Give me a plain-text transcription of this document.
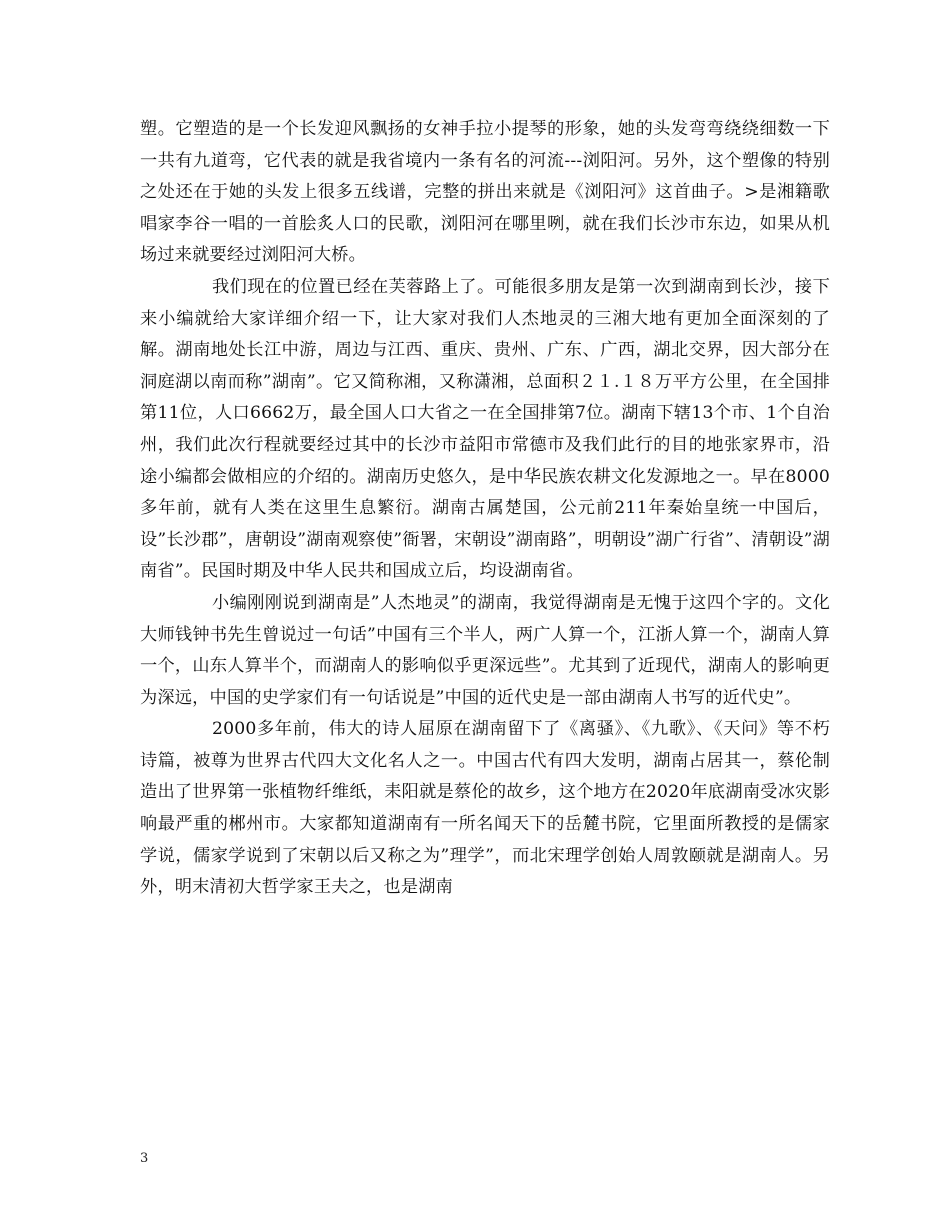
塑。它塑造的是一个长发迎风飘扬的女神手拉小提琴的形象，她的头发弯弯绕绕细数一下一共有九道弯，它代表的就是我省境内一条有名的河流---浏阳河。另外，这个塑像的特别之处还在于她的头发上很多五线谱，完整的拼出来就是《浏阳河》这首曲子。>是湘籍歌唱家李谷一唱的一首脍炙人口的民歌，浏阳河在哪里咧，就在我们长沙市东边，如果从机场过来就要经过浏阳河大桥。

我们现在的位置已经在芙蓉路上了。可能很多朋友是第一次到湖南到长沙，接下来小编就给大家详细介绍一下，让大家对我们人杰地灵的三湘大地有更加全面深刻的了解。湖南地处长江中游，周边与江西、重庆、贵州、广东、广西，湖北交界，因大部分在洞庭湖以南而称”湖南”。它又简称湘，又称潇湘，总面积２１.１８万平方公里，在全国排第11位，人口6662万，最全国人口大省之一在全国排第7位。湖南下辖13个市、1个自治州，我们此次行程就要经过其中的长沙市益阳市常德市及我们此行的目的地张家界市，沿途小编都会做相应的介绍的。湖南历史悠久，是中华民族农耕文化发源地之一。早在8000多年前，就有人类在这里生息繁衍。湖南古属楚国，公元前211年秦始皇统一中国后，设”长沙郡”，唐朝设”湖南观察使”衙署，宋朝设”湖南路”，明朝设”湖广行省”、清朝设”湖南省”。民国时期及中华人民共和国成立后，均设湖南省。

小编刚刚说到湖南是”人杰地灵”的湖南，我觉得湖南是无愧于这四个字的。文化大师钱钟书先生曾说过一句话”中国有三个半人，两广人算一个，江浙人算一个，湖南人算一个，山东人算半个，而湖南人的影响似乎更深远些”。尤其到了近现代，湖南人的影响更为深远，中国的史学家们有一句话说是”中国的近代史是一部由湖南人书写的近代史”。

2000多年前，伟大的诗人屈原在湖南留下了《离骚》、《九歌》、《天问》等不朽诗篇，被尊为世界古代四大文化名人之一。中国古代有四大发明，湖南占居其一，蔡伦制造出了世界第一张植物纤维纸，耒阳就是蔡伦的故乡，这个地方在2020年底湖南受冰灾影响最严重的郴州市。大家都知道湖南有一所名闻天下的岳麓书院，它里面所教授的是儒家学说，儒家学说到了宋朝以后又称之为”理学”，而北宋理学创始人周敦颐就是湖南人。另外，明末清初大哲学家王夫之，也是湖南

3
